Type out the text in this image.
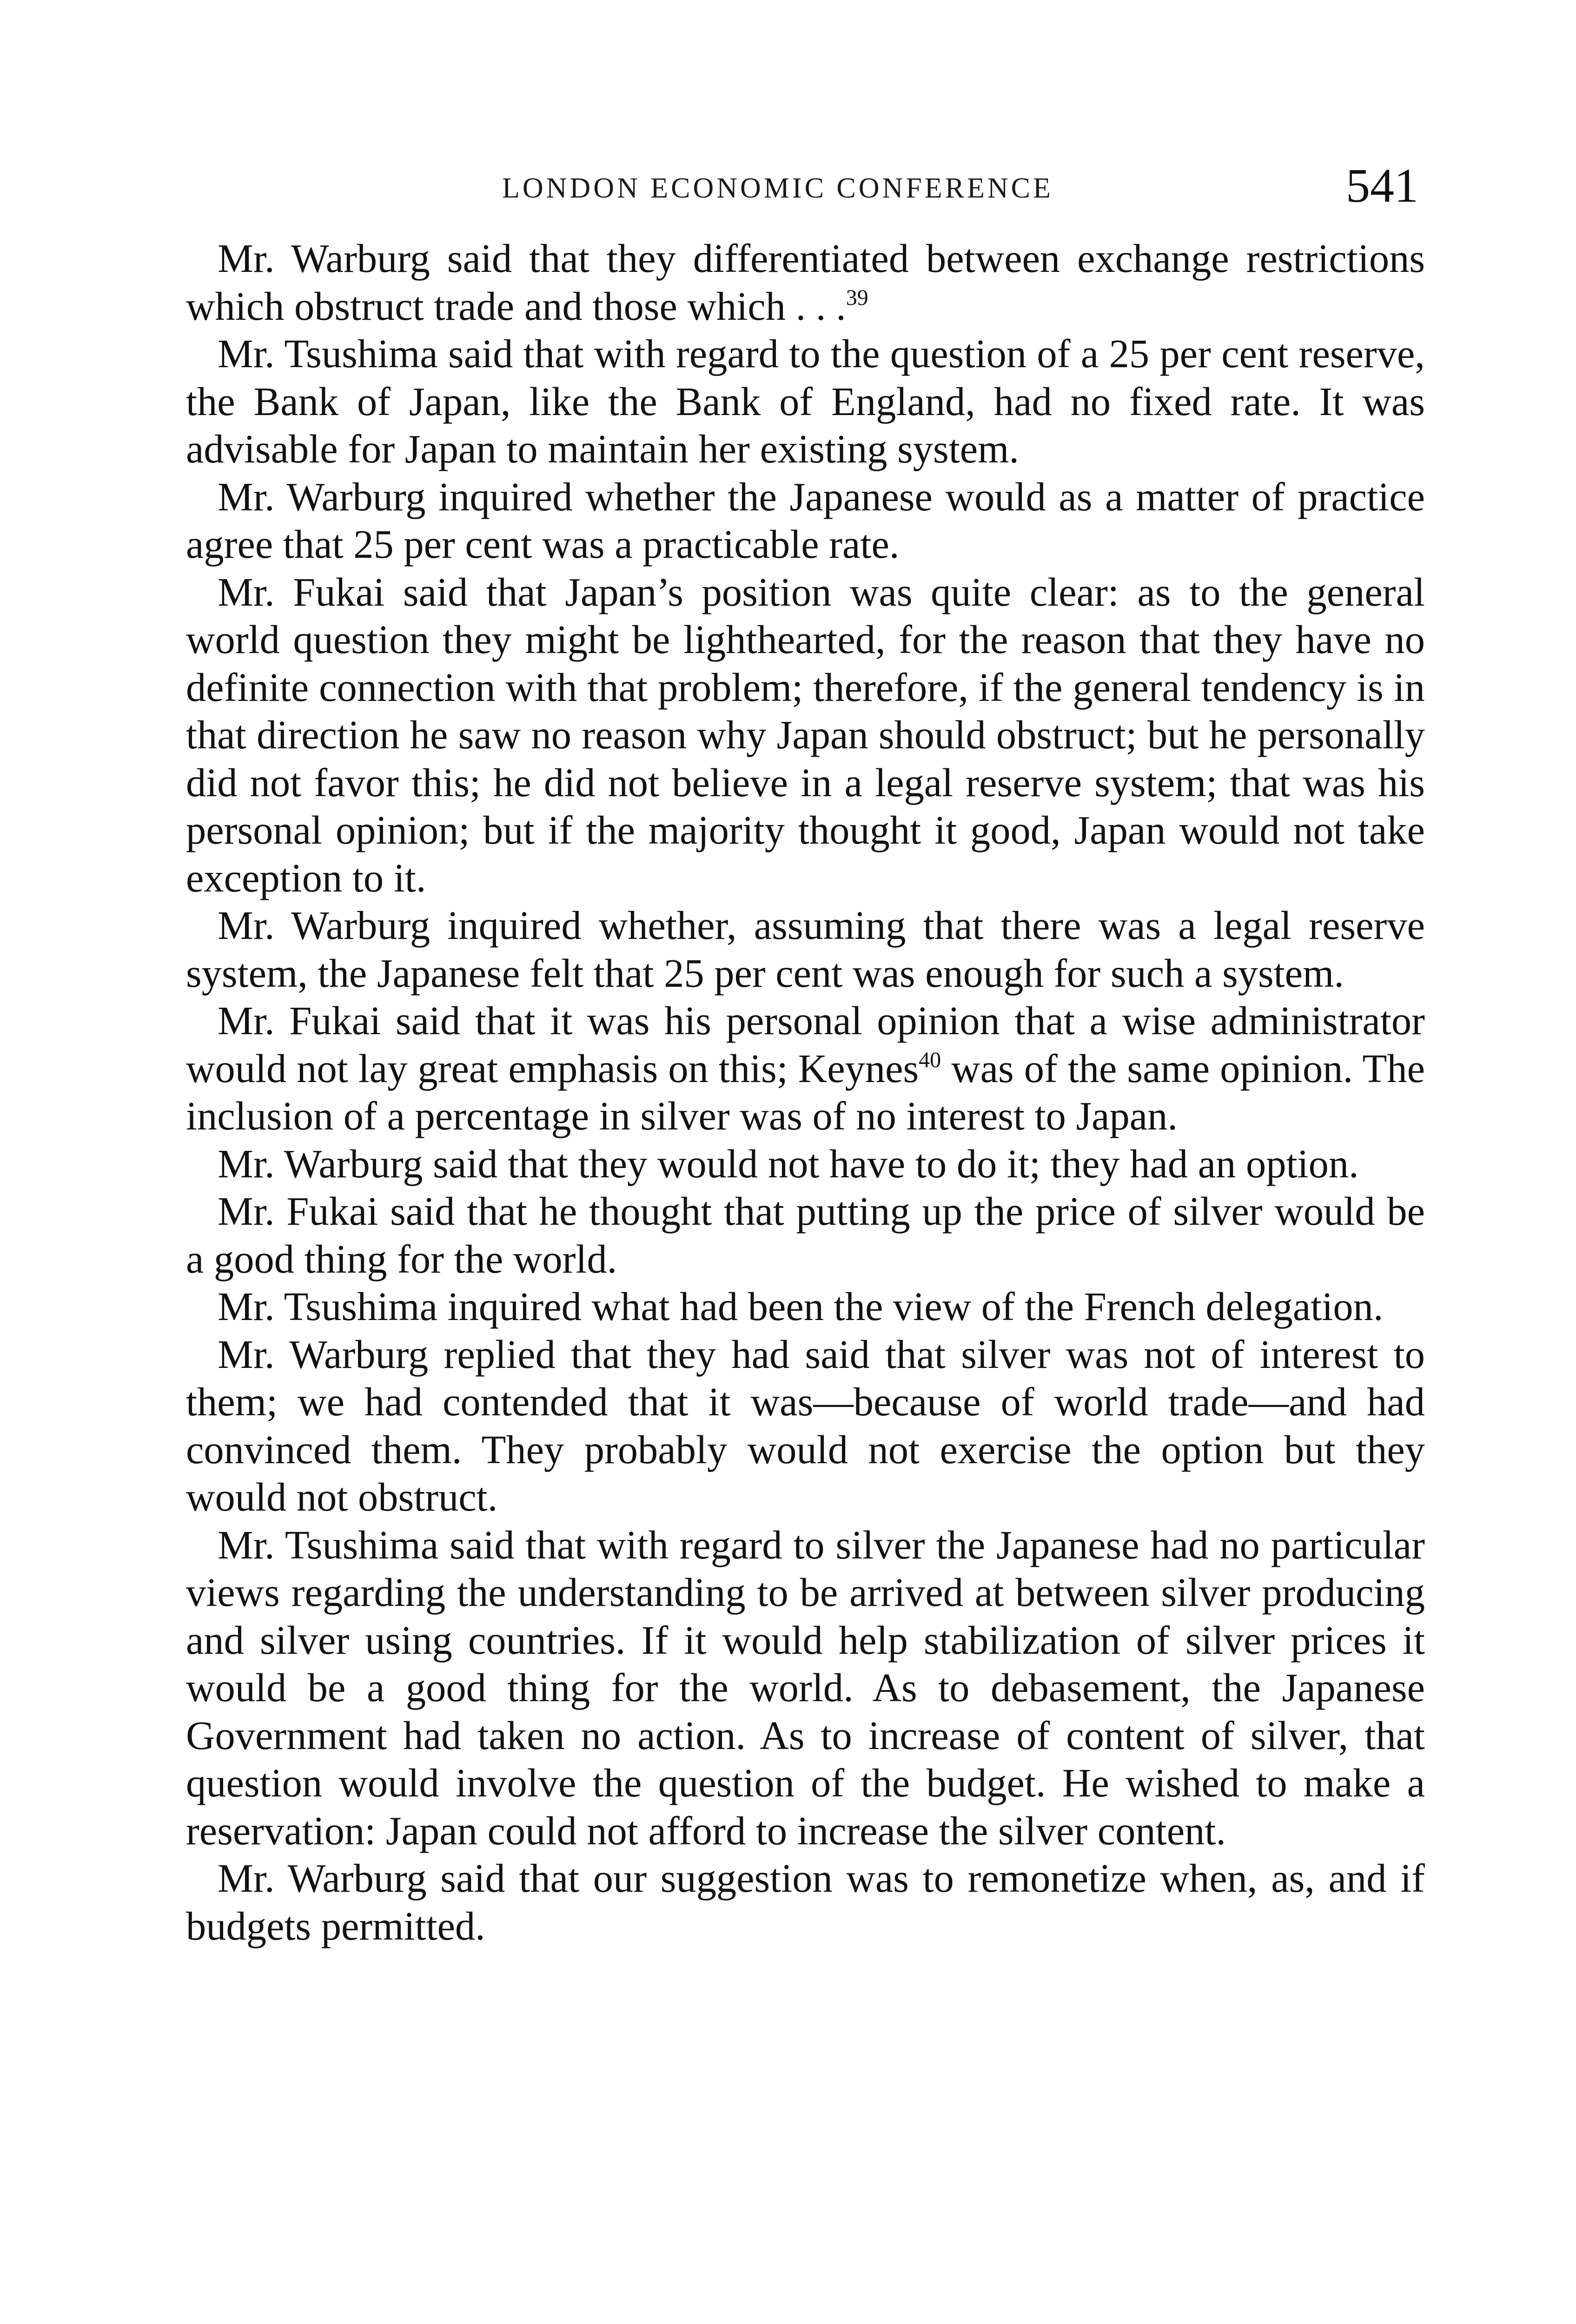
LONDON ECONOMIC CONFERENCE	541

Mr. Warburg said that they differentiated between exchange restrictions which obstruct trade and those which . . .$^{39}$

Mr. Tsushima said that with regard to the question of a 25 per cent reserve, the Bank of Japan, like the Bank of England, had no fixed rate. It was advisable for Japan to maintain her existing system.

Mr. Warburg inquired whether the Japanese would as a matter of practice agree that 25 per cent was a practicable rate.

Mr. Fukai said that Japan’s position was quite clear: as to the general world question they might be lighthearted, for the reason that they have no definite connection with that problem; therefore, if the general tendency is in that direction he saw no reason why Japan should obstruct; but he personally did not favor this; he did not believe in a legal reserve system; that was his personal opinion; but if the majority thought it good, Japan would not take exception to it.

Mr. Warburg inquired whether, assuming that there was a legal reserve system, the Japanese felt that 25 per cent was enough for such a system.

Mr. Fukai said that it was his personal opinion that a wise administrator would not lay great emphasis on this; Keynes$^{40}$ was of the same opinion. The inclusion of a percentage in silver was of no interest to Japan.

Mr. Warburg said that they would not have to do it; they had an option.

Mr. Fukai said that he thought that putting up the price of silver would be a good thing for the world.

Mr. Tsushima inquired what had been the view of the French delegation.

Mr. Warburg replied that they had said that silver was not of interest to them; we had contended that it was—because of world trade—and had convinced them. They probably would not exercise the option but they would not obstruct.

Mr. Tsushima said that with regard to silver the Japanese had no particular views regarding the understanding to be arrived at between silver producing and silver using countries. If it would help stabilization of silver prices it would be a good thing for the world. As to debasement, the Japanese Government had taken no action. As to increase of content of silver, that question would involve the question of the budget. He wished to make a reservation: Japan could not afford to increase the silver content.

Mr. Warburg said that our suggestion was to remonetize when, as, and if budgets permitted.
